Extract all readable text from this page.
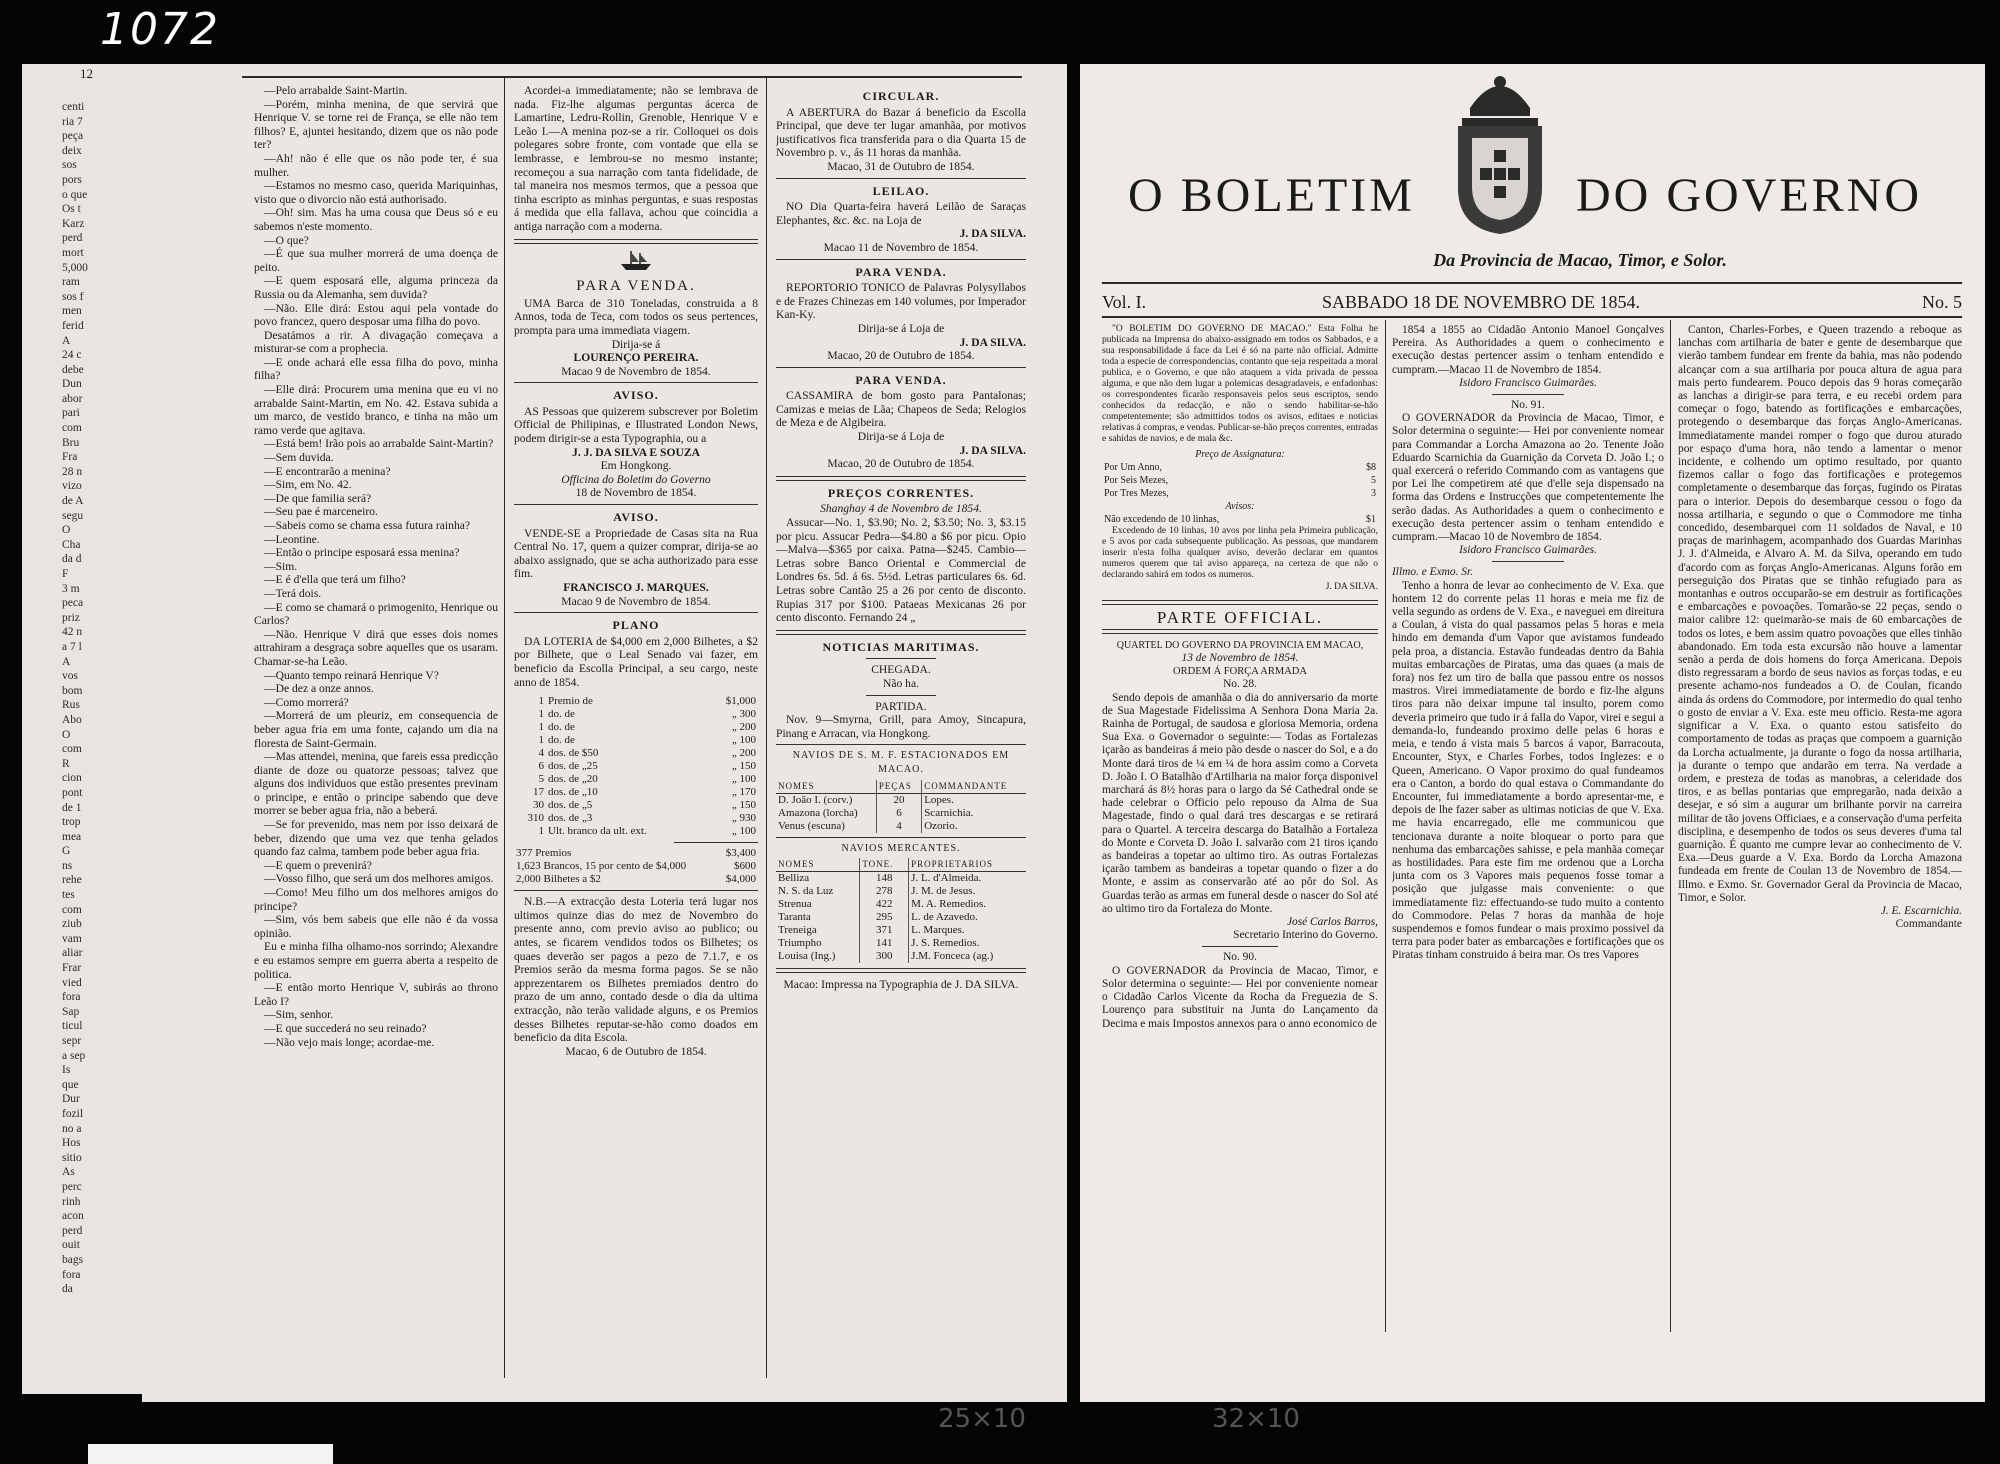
1072
12
centi
ria 7
peça
deix
sos
pors
o que
Os t
Karz
perd
mort
5,000
ram
sos f
men
ferid
A
24 c
debe
Dun
abor
pari
com
Bru
Fra
28 n
vizo
de A
segu
O
Cha
da d
F
3 m
peca
priz
42 n
a 7 l
A
vos
bom
Rus
Abo
O
com
R
cion
pont
de 1
trop
mea
G
ns
rehe
tes
com
ziub
vam
aliar
Frar
vied
fora
Sap
ticul
sepr
a sep
Is
que
Dur
fozil
no a
Hos
sitio
As
perc
rinh
acon
perd
ouit
bags
fora
da

—Pelo arrabalde Saint-Martin.

—Porém, minha menina, de que servirá que Henrique V. se torne rei de França, se elle não tem filhos? E, ajuntei hesitando, dizem que os não pode ter?

—Ah! não é elle que os não pode ter, é sua mulher.

—Estamos no mesmo caso, querida Mariquinhas, visto que o divorcio não está authorisado.

—Oh! sim. Mas ha uma cousa que Deus só e eu sabemos n'este momento.

—O que?

—É que sua mulher morrerá de uma doença de peito.

—E quem esposará elle, alguma princeza da Russia ou da Alemanha, sem duvida?

—Não. Elle dirá: Estou aqui pela vontade do povo francez, quero desposar uma filha do povo.

Desatámos a rir. A divagação começava a misturar-se com a prophecia.

—E onde achará elle essa filha do povo, minha filha?

—Elle dirá: Procurem uma menina que eu vi no arrabalde Saint-Martin, em No. 42. Estava subida a um marco, de vestido branco, e tinha na mão um ramo verde que agitava.

—Está bem! Irão pois ao arrabalde Saint-Martin?

—Sem duvida.

—E encontrarão a menina?

—Sim, em No. 42.

—De que familia será?

—Seu pae é marceneiro.

—Sabeis como se chama essa futura rainha?

—Leontine.

—Então o principe esposará essa menina?

—Sim.

—E é d'ella que terá um filho?

—Terá dois.

—E como se chamará o primogenito, Henrique ou Carlos?

—Não. Henrique V dirá que esses dois nomes attrahiram a desgraça sobre aquelles que os usaram. Chamar-se-ha Leão.

—Quanto tempo reinará Henrique V?

—De dez a onze annos.

—Como morrerá?

—Morrerá de um pleuriz, em consequencia de beber agua fria em uma fonte, cajando um dia na floresta de Saint-Germain.

—Mas attendei, menina, que fareis essa predicção diante de doze ou quatorze pessoas; talvez que alguns dos individuos que estão presentes previnam o principe, e então o principe sabendo que deve morrer se beber agua fria, não a beberá.

—Se for prevenido, mas nem por isso deixará de beber, dizendo que uma vez que tenha gelados quando faz calma, tambem pode beber agua fria.

—E quem o prevenirá?

—Vosso filho, que será um dos melhores amigos.

—Como! Meu filho um dos melhores amigos do principe?

—Sim, vós bem sabeis que elle não é da vossa opinião.

Eu e minha filha olhamo-nos sorrindo; Alexandre e eu estamos sempre em guerra aberta a respeito de politica.

—E então morto Henrique V, subirás ao throno Leão I?

—Sim, senhor.

—E que succederá no seu reinado?

—Não vejo mais longe; acordae-me.

Acordei-a immediatamente; não se lembrava de nada. Fiz-lhe algumas perguntas ácerca de Lamartine, Ledru-Rollin, Grenoble, Henrique V e Leão I.—A menina poz-se a rir. Colloquei os dois polegares sobre fronte, com vontade que ella se lembrasse, e lembrou-se no mesmo instante; recomeçou a sua narração com tanta fidelidade, de tal maneira nos mesmos termos, que a pessoa que tinha escripto as minhas perguntas, e suas respostas á medida que ella fallava, achou que coincidia a antiga narração com a moderna.

PARA VENDA.

UMA Barca de 310 Toneladas, construida a 8 Annos, toda de Teca, com todos os seus pertences, prompta para uma immediata viagem.

Dirija-se á
LOURENÇO PEREIRA.
Macao 9 de Novembro de 1854.
AVISO.

AS Pessoas que quizerem subscrever por Boletim Official de Philipinas, e Illustrated London News, podem dirigir-se a esta Typographia, ou a

J. J. DA SILVA E SOUZA
Em Hongkong.
Officina do Boletim do Governo
18 de Novembro de 1854.
AVISO.

VENDE-SE a Propriedade de Casas sita na Rua Central No. 17, quem a quizer comprar, dirija-se ao abaixo assignado, que se acha authorizado para esse fim.

FRANCISCO J. MARQUES.
Macao 9 de Novembro de 1854.
PLANO

DA LOTERIA de $4,000 em 2,000 Bilhetes, a $2 por Bilhete, que o Leal Senado vai fazer, em beneficio da Escolla Principal, a seu cargo, neste anno de 1854.

1	Premio de	$1,000
1	do. de	„ 300
1	do. de	„ 200
1	do. de	„ 100
4	dos. de $50	„ 200
6	dos. de „25	„ 150
5	dos. de „20	„ 100
17	dos. de „10	„ 170
30	dos. de „5	„ 150
310	dos. de „3	„ 930
1	Ult. branco da ult. ext.	„ 100
377 Premios	$3,400
1,623 Brancos, 15 por cento de $4,000	$600
2,000 Bilhetes a $2	$4,000

N.B.—A extracção desta Loteria terá lugar nos ultimos quinze dias do mez de Novembro do presente anno, com previo aviso ao publico; ou antes, se ficarem vendidos todos os Bilhetes; os quaes deverão ser pagos a pezo de 7.1.7, e os Premios serão da mesma forma pagos. Se se não apprezentarem os Bilhetes premiados dentro do prazo de um anno, contado desde o dia da ultima extracção, não terão validade alguns, e os Premios desses Bilhetes reputar-se-hão como doados em beneficio da dita Escola.

Macao, 6 de Outubro de 1854.
CIRCULAR.

A ABERTURA do Bazar á beneficio da Escolla Principal, que deve ter lugar amanhãa, por motivos justificativos fica transferida para o dia Quarta 15 de Novembro p. v., ás 11 horas da manhãa.

Macao, 31 de Outubro de 1854.
LEILAO.

NO Dia Quarta-feira haverá Leilão de Saraças Elephantes, &c. &c. na Loja de

J. DA SILVA.
Macao 11 de Novembro de 1854.
PARA VENDA.

REPORTORIO TONICO de Palavras Polysyllabos e de Frazes Chinezas em 140 volumes, por Imperador Kan-Ky.

Dirija-se á Loja de
J. DA SILVA.
Macao, 20 de Outubro de 1854.
PARA VENDA.

CASSAMIRA de bom gosto para Pantalonas; Camizas e meias de Lãa; Chapeos de Seda; Relogios de Meza e de Algibeira.

Dirija-se á Loja de
J. DA SILVA.
Macao, 20 de Outubro de 1854.
PREÇOS CORRENTES.
Shanghay 4 de Novembro de 1854.

Assucar—No. 1, $3.90; No. 2, $3.50; No. 3, $3.15 por picu. Assucar Pedra—$4.80 a $6 por picu. Opio—Malva—$365 por caixa. Patna—$245. Cambio—Letras sobre Banco Oriental e Commercial de Londres 6s. 5d. á 6s. 5½d. Letras particulares 6s. 6d. Letras sobre Cantão 25 a 26 por cento de disconto. Rupias 317 por $100. Pataeas Mexicanas 26 por cento disconto. Fernando 24 „

NOTICIAS MARITIMAS.
CHEGADA.
Não ha.
PARTIDA.

Nov. 9—Smyrna, Grill, para Amoy, Sincapura, Pinang e Arracan, via Hongkong.

NAVIOS DE S. M. F. ESTACIONADOS EM MACAO.
NOMES	PEÇAS	COMMANDANTE
D. João I. (corv.)	20	Lopes.
Amazona (lorcha)	6	Scarnichia.
Venus (escuna)	4	Ozorio.
NAVIOS MERCANTES.
NOMES	TONE.	PROPRIETARIOS
Belliza	148	J. L. d'Almeida.
N. S. da Luz	278	J. M. de Jesus.
Strenua	422	M. A. Remedios.
Taranta	295	L. de Azavedo.
Treneiga	371	L. Marques.
Triumpho	141	J. S. Remedios.
Louisa (Ing.)	300	J.M. Fonceca (ag.)
Macao: Impressa na Typographia de J. DA SILVA.
O BOLETIM	DO GOVERNO
Da Provincia de Macao, Timor, e Solor.
Vol. I.	SABBADO 18 DE NOVEMBRO DE 1854.	No. 5

"O BOLETIM DO GOVERNO DE MACAO." Esta Folha he publicada na Imprensa do abaixo-assignado em todos os Sabbados, e a sua responsabilidade á face da Lei é só na parte não official. Admitte toda a especie de correspondencias, contanto que seja respeitada a moral publica, e o Governo, e que não ataquem a vida privada de pessoa alguma, e que não dem lugar a polemicas desagradaveis, e enfadonhas: os correspondentes ficarão responsaveis pelos seus escriptos, sendo conhecidos da redacção, e não o sendo habilitar-se-hão competentemente; são admittidos todos os avisos, editaes e noticias relativas á compras, e vendas. Publicar-se-hão preços correntes, entradas e sahidas de navios, e de mala &c.

Preço de Assignatura:
Por Um Anno,	$8
Por Seis Mezes,	5
Por Tres Mezes,	3
Avisos:
Não excedendo de 10 linhas,	$1

Excedendo de 10 linhas, 10 avos por linha pela Primeira publicação, e 5 avos por cada subsequente publicação. As pessoas, que mandarem inserir n'esta folha qualquer aviso, deverão declarar em quantos numeros querem que tal aviso appareça, na certeza de que não o declarando sahirá em todos os numeros.

J. DA SILVA.
PARTE OFFICIAL.
QUARTEL DO GOVERNO DA PROVINCIA EM MACAO,
13 de Novembro de 1854.
ORDEM Á FORÇA ARMADA
No. 28.

Sendo depois de amanhãa o dia do anniversario da morte de Sua Magestade Fidelissima A Senhora Dona Maria 2a. Rainha de Portugal, de saudosa e gloriosa Memoria, ordena Sua Exa. o Governador o seguinte:— Todas as Fortalezas içarão as bandeiras á meio pão desde o nascer do Sol, e a do Monte dará tiros de ¼ em ¼ de hora assim como a Corveta D. João I. O Batalhão d'Artilharia na maior força disponivel marchará ás 8½ horas para o largo da Sé Cathedral onde se hade celebrar o Officio pelo repouso da Alma de Sua Magestade, findo o qual dará tres descargas e se retirará para o Quartel. A terceira descarga do Batalhão a Fortaleza do Monte e Corveta D. João I. salvarão com 21 tiros içando as bandeiras a topetar ao ultimo tiro. As outras Fortalezas içarão tambem as bandeiras a topetar quando o fizer a do Monte, e assim as conservarão até ao pôr do Sol. As Guardas terão as armas em funeral desde o nascer do Sol até ao ultimo tiro da Fortaleza do Monte.

José Carlos Barros,
Secretario Interino do Governo.
No. 90.

O GOVERNADOR da Provincia de Macao, Timor, e Solor determina o seguinte:— Hei por conveniente nomear o Cidadão Carlos Vicente da Rocha da Freguezia de S. Lourenço para substituir na Junta do Lançamento da Decima e mais Impostos annexos para o anno economico de

1854 a 1855 ao Cidadão Antonio Manoel Gonçalves Pereira. As Authoridades a quem o conhecimento e execução destas pertencer assim o tenham entendido e cumpram.—Macao 11 de Novembro de 1854.

Isidoro Francisco Guimarães.
No. 91.

O GOVERNADOR da Provincia de Macao, Timor, e Solor determina o seguinte:— Hei por conveniente nomear para Commandar a Lorcha Amazona ao 2o. Tenente João Eduardo Scarnichia da Guarnição da Corveta D. João I.; o qual exercerá o referido Commando com as vantagens que por Lei lhe competirem até que d'elle seja dispensado na forma das Ordens e Instrucções que competentemente lhe serão dadas. As Authoridades a quem o conhecimento e execução desta pertencer assim o tenham entendido e cumpram.—Macao 10 de Novembro de 1854.

Isidoro Francisco Guimarães.
Illmo. e Exmo. Sr.

Tenho a honra de levar ao conhecimento de V. Exa. que hontem 12 do corrente pelas 11 horas e meia me fiz de vella segundo as ordens de V. Exa., e naveguei em direitura a Coulan, á vista do qual passamos pelas 5 horas e meia hindo em demanda d'um Vapor que avistamos fundeado pela proa, a distancia. Estavão fundeadas dentro da Bahia muitas embarcações de Piratas, uma das quaes (a mais de fora) nos fez um tiro de balla que passou entre os nossos mastros. Virei immediatamente de bordo e fiz-lhe alguns tiros para não deixar impune tal insulto, porem como deveria primeiro que tudo ir á falla do Vapor, virei e segui a demanda-lo, fundeando proximo delle pelas 6 horas e meia, e tendo á vista mais 5 barcos á vapor, Barracouta, Encounter, Styx, e Charles Forbes, todos Inglezes: e o Queen, Americano. O Vapor proximo do qual fundeamos era o Canton, a bordo do qual estava o Commandante do Encounter, fui immediatamente a bordo apresentar-me, e depois de lhe fazer saber as ultimas noticias de que V. Exa. me havia encarregado, elle me communicou que tencionava durante a noite bloquear o porto para que nenhuma das embarcações sahisse, e pela manhãa começar as hostilidades. Para este fim me ordenou que a Lorcha junta com os 3 Vapores mais pequenos fosse tomar a posição que julgasse mais conveniente: o que immediatamente fiz: effectuando-se tudo muito a contento do Commodore. Pelas 7 horas da manhãa de hoje suspendemos e fomos fundear o mais proximo possivel da terra para poder bater as embarcações e fortificações que os Piratas tinham construido á beira mar. Os tres Vapores

Canton, Charles-Forbes, e Queen trazendo a reboque as lanchas com artilharia de bater e gente de desembarque que vierão tambem fundear em frente da bahia, mas não podendo alcançar com a sua artilharia por pouca altura de agua para mais perto fundearem. Pouco depois das 9 horas começarão as lanchas a dirigir-se para terra, e eu recebi ordem para começar o fogo, batendo as fortificações e embarcações, protegendo o desembarque das forças Anglo-Americanas. Immediatamente mandei romper o fogo que durou aturado por espaço d'uma hora, não tendo a lamentar o menor incidente, e colhendo um optimo resultado, por quanto fizemos callar o fogo das fortificações e protegemos completamente o desembarque das forças, fugindo os Piratas para o interior. Depois do desembarque cessou o fogo da nossa artilharia, e segundo o que o Commodore me tinha concedido, desembarquei com 11 soldados de Naval, e 10 praças de marinhagem, acompanhado dos Guardas Marinhas J. J. d'Almeida, e Alvaro A. M. da Silva, operando em tudo d'acordo com as forças Anglo-Americanas. Alguns forão em perseguição dos Piratas que se tinhão refugiado para as montanhas e outros occuparão-se em destruir as fortificações e embarcações e povoações. Tomarão-se 22 peças, sendo o maior calibre 12: queimarão-se mais de 60 embarcações de todos os lotes, e bem assim quatro povoações que elles tinhão abandonado. Em toda esta excursão não houve a lamentar senão a perda de dois homens do força Americana. Depois disto regressaram a bordo de seus navios as forças todas, e eu presente achamo-nos fundeados a O. de Coulan, ficando ainda ás ordens do Commodore, por intermedio do qual tenho o gosto de enviar a V. Exa. este meu officio. Resta-me agora significar a V. Exa. o quanto estou satisfeito do comportamento de todas as praças que compoem a guarnição da Lorcha actualmente, ja durante o fogo da nossa artilharia, ja durante o tempo que andarão em terra. Na verdade a ordem, e presteza de todas as manobras, a celeridade dos tiros, e as bellas pontarias que empregarão, nada deixão a desejar, e só sim a augurar um brilhante porvir na carreira militar de tão jovens Officiaes, e a conservação d'uma perfeita disciplina, e desempenho de todos os seus deveres d'uma tal guarnição. É quanto me cumpre levar ao conhecimento de V. Exa.—Deus guarde a V. Exa. Bordo da Lorcha Amazona fundeada em frente de Coulan 13 de Novembro de 1854.—Illmo. e Exmo. Sr. Governador Geral da Provincia de Macao, Timor, e Solor.

J. E. Escarnichia.
Commandante
25×10	32×10
